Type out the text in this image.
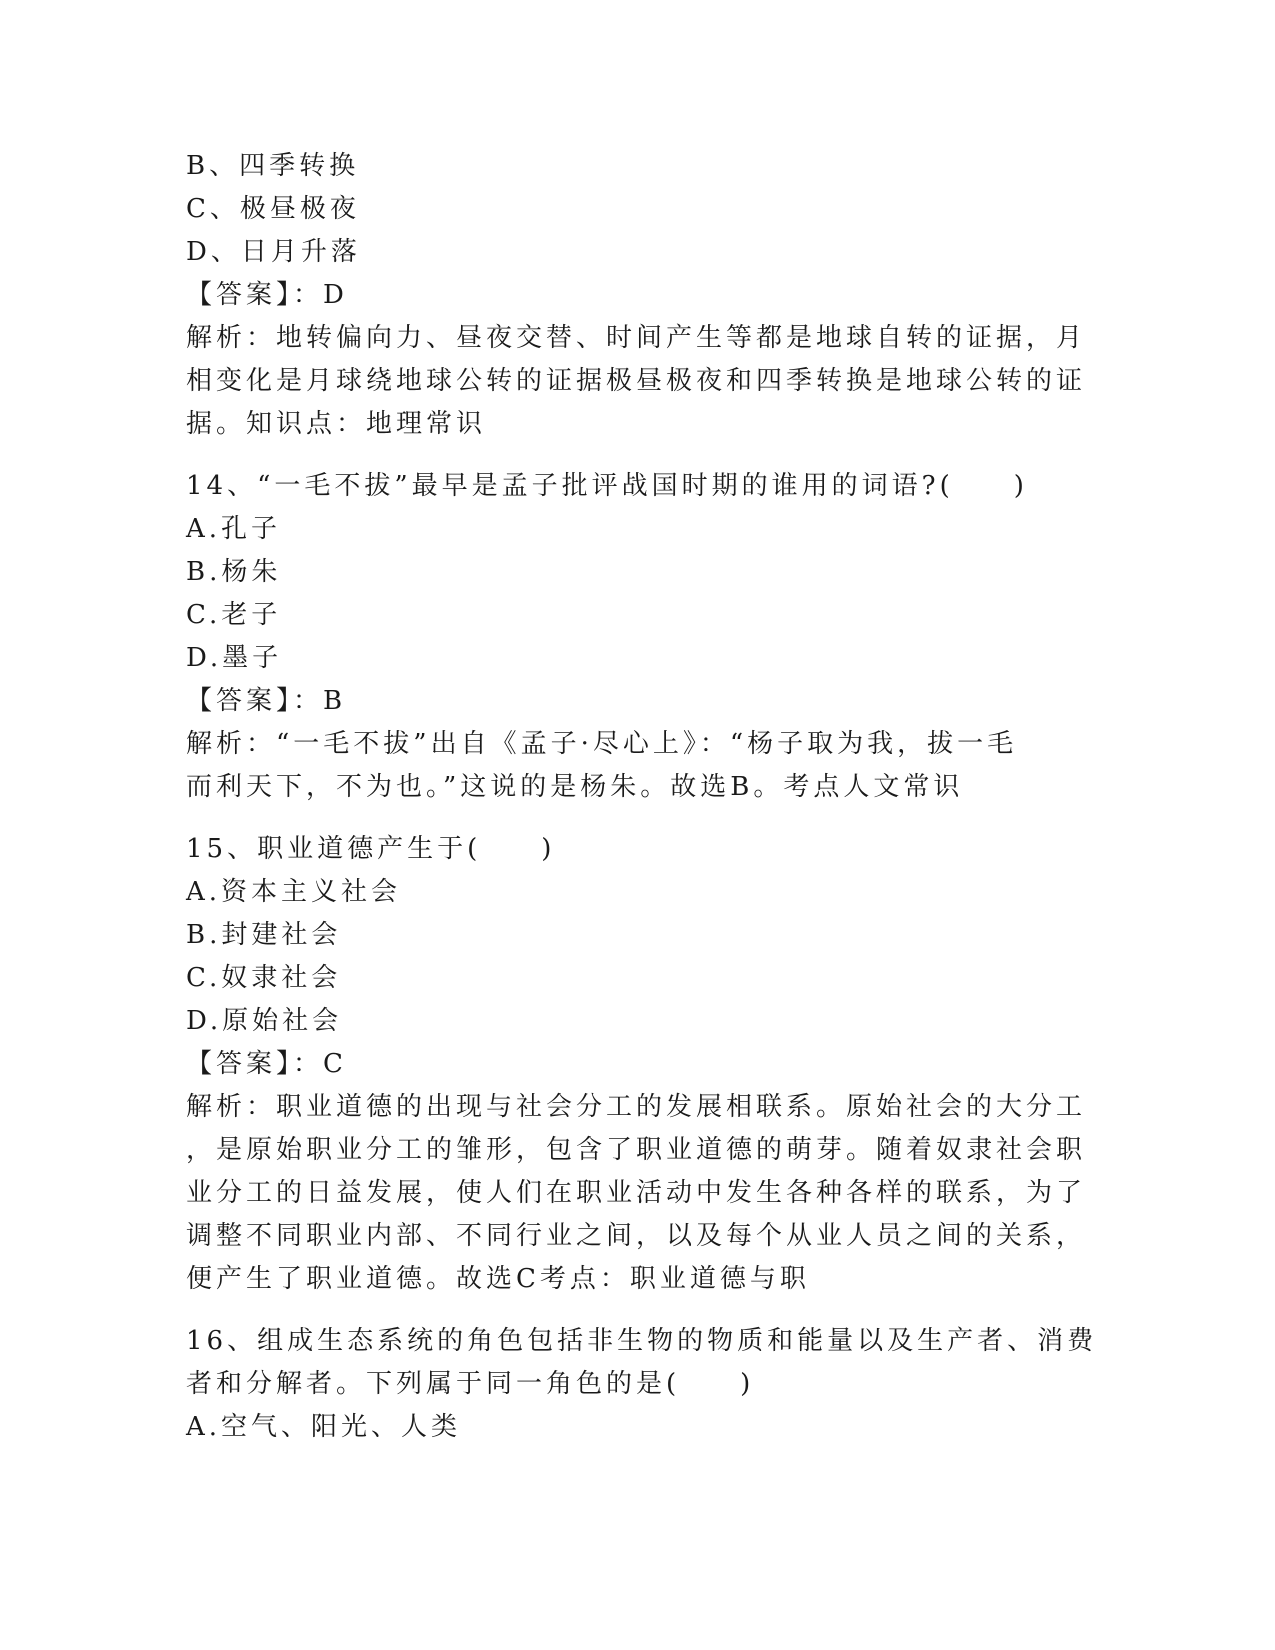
B、四季转换
C、极昼极夜
D、日月升落
【答案】：D
解析：地转偏向力、昼夜交替、时间产生等都是地球自转的证据，月
相变化是月球绕地球公转的证据极昼极夜和四季转换是地球公转的证
据。知识点：地理常识
14、“一毛不拔”最早是孟子批评战国时期的谁用的词语?(　　)
A.孔子
B.杨朱
C.老子
D.墨子
【答案】：B
解析：“一毛不拔”出自《孟子·尽心上》：“杨子取为我，拔一毛
而利天下，不为也。”这说的是杨朱。故选B。考点人文常识
15、职业道德产生于(　　)
A.资本主义社会
B.封建社会
C.奴隶社会
D.原始社会
【答案】：C
解析：职业道德的出现与社会分工的发展相联系。原始社会的大分工
，是原始职业分工的雏形，包含了职业道德的萌芽。随着奴隶社会职
业分工的日益发展，使人们在职业活动中发生各种各样的联系，为了
调整不同职业内部、不同行业之间，以及每个从业人员之间的关系，
便产生了职业道德。故选C考点：职业道德与职
16、组成生态系统的角色包括非生物的物质和能量以及生产者、消费
者和分解者。下列属于同一角色的是(　　)
A.空气、阳光、人类
